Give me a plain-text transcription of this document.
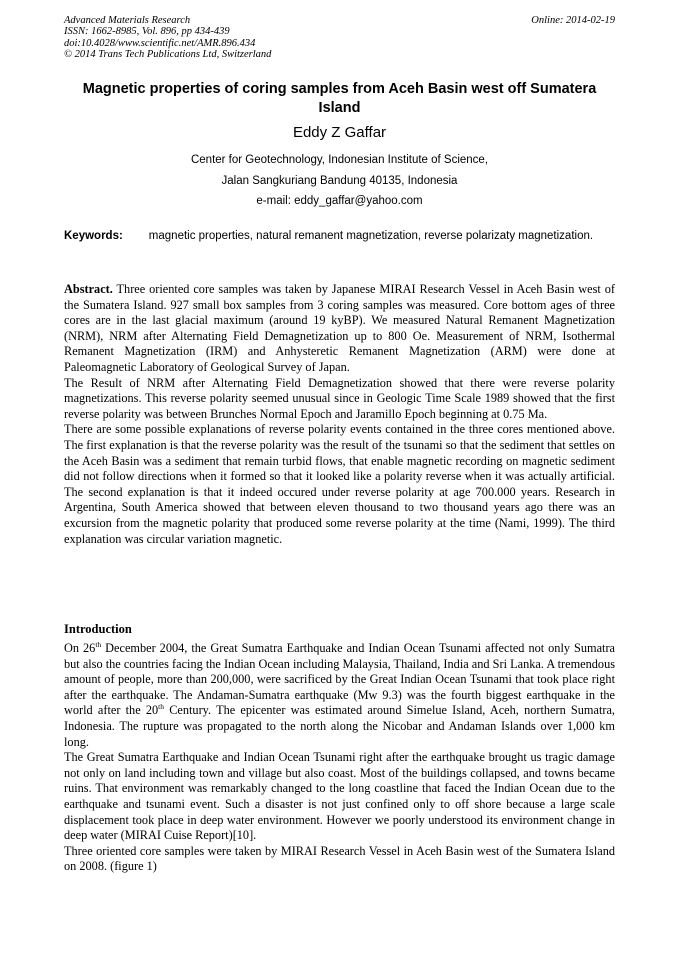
Advanced Materials Research
ISSN: 1662-8985, Vol. 896, pp 434-439
doi:10.4028/www.scientific.net/AMR.896.434
© 2014 Trans Tech Publications Ltd, Switzerland
Online: 2014-02-19
Magnetic properties of coring samples from Aceh Basin west off Sumatera Island
Eddy Z Gaffar
Center for Geotechnology, Indonesian Institute of Science,
Jalan Sangkuriang Bandung 40135, Indonesia
e-mail: eddy_gaffar@yahoo.com
Keywords: magnetic properties, natural remanent magnetization, reverse polarizaty magnetization.

Abstract. Three oriented core samples was taken by Japanese MIRAI Research Vessel in Aceh Basin west of the Sumatera Island. 927 small box samples from 3 coring samples was measured. Core bottom ages of three cores are in the last glacial maximum (around 19 kyBP). We measured Natural Remanent Magnetization (NRM), NRM after Alternating Field Demagnetization up to 800 Oe. Measurement of NRM, Isothermal Remanent Magnetization (IRM) and Anhysteretic Remanent Magnetization (ARM) were done at Paleomagnetic Laboratory of Geological Survey of Japan.

The Result of NRM after Alternating Field Demagnetization showed that there were reverse polarity magnetizations. This reverse polarity seemed unusual since in Geologic Time Scale 1989 showed that the first reverse polarity was between Brunches Normal Epoch and Jaramillo Epoch beginning at 0.75 Ma.

There are some possible explanations of reverse polarity events contained in the three cores mentioned above. The first explanation is that the reverse polarity was the result of the tsunami so that the sediment that settles on the Aceh Basin was a sediment that remain turbid flows, that enable magnetic recording on magnetic sediment did not follow directions when it formed so that it looked like a polarity reverse when it was actually artificial. The second explanation is that it indeed occured under reverse polarity at age 700.000 years. Research in Argentina, South America showed that between eleven thousand to two thousand years ago there was an excursion from the magnetic polarity that produced some reverse polarity at the time (Nami, 1999). The third explanation was circular variation magnetic.

Introduction

On 26th December 2004, the Great Sumatra Earthquake and Indian Ocean Tsunami affected not only Sumatra but also the countries facing the Indian Ocean including Malaysia, Thailand, India and Sri Lanka. A tremendous amount of people, more than 200,000, were sacrificed by the Great Indian Ocean Tsunami that took place right after the earthquake. The Andaman-Sumatra earthquake (Mw 9.3) was the fourth biggest earthquake in the world after the 20th Century. The epicenter was estimated around Simelue Island, Aceh, northern Sumatra, Indonesia. The rupture was propagated to the north along the Nicobar and Andaman Islands over 1,000 km long.

The Great Sumatra Earthquake and Indian Ocean Tsunami right after the earthquake brought us tragic damage not only on land including town and village but also coast. Most of the buildings collapsed, and towns became ruins. That environment was remarkably changed to the long coastline that faced the Indian Ocean due to the earthquake and tsunami event. Such a disaster is not just confined only to off shore because a large scale displacement took place in deep water environment. However we poorly understood its environment change in deep water (MIRAI Cuise Report)[10].

Three oriented core samples were taken by MIRAI Research Vessel in Aceh Basin west of the Sumatera Island on 2008. (figure 1)
